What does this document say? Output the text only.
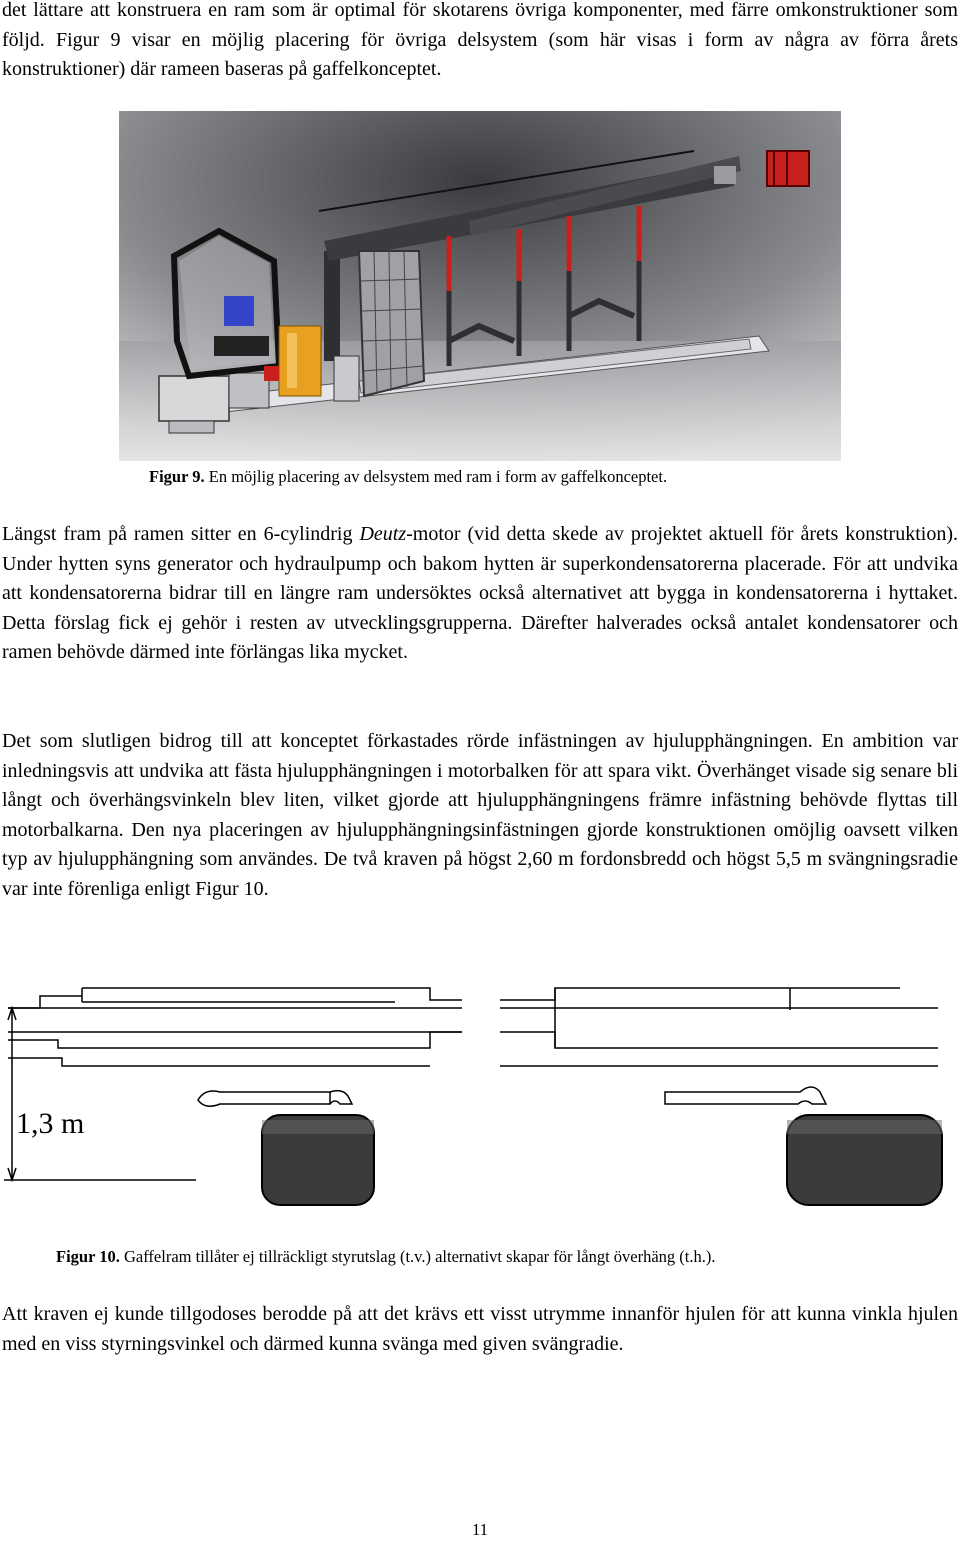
det lättare att konstruera en ram som är optimal för skotarens övriga komponenter, med färre omkonstruktioner som följd. Figur 9 visar en möjlig placering för övriga delsystem (som här visas i form av några av förra årets konstruktioner) där rameen baseras på gaffelkonceptet.

Figur 9. En möjlig placering av delsystem med ram i form av gaffelkonceptet.

Längst fram på ramen sitter en 6-cylindrig Deutz-motor (vid detta skede av projektet aktuell för årets konstruktion). Under hytten syns generator och hydraulpump och bakom hytten är superkondensatorerna placerade. För att undvika att kondensatorerna bidrar till en längre ram undersöktes också alternativet att bygga in kondensatorerna i hyttaket. Detta förslag fick ej gehör i resten av utvecklingsgrupperna. Därefter halverades också antalet kondensatorer och ramen behövde därmed inte förlängas lika mycket.

Det som slutligen bidrog till att konceptet förkastades rörde infästningen av hjulupphängningen. En ambition var inledningsvis att undvika att fästa hjulupphängningen i motorbalken för att spara vikt. Överhänget visade sig senare bli långt och överhängsvinkeln blev liten, vilket gjorde att hjulupphängningens främre infästning behövde flyttas till motorbalkarna. Den nya placeringen av hjulupphängningsinfästningen gjorde konstruktionen omöjlig oavsett vilken typ av hjulupphängning som användes. De två kraven på högst 2,60 m fordonsbredd och högst 5,5 m svängningsradie var inte förenliga enligt Figur 10.

1,3 m
Figur 10. Gaffelram tillåter ej tillräckligt styrutslag (t.v.) alternativt skapar för långt överhäng (t.h.).

Att kraven ej kunde tillgodoses berodde på att det krävs ett visst utrymme innanför hjulen för att kunna vinkla hjulen med en viss styrningsvinkel och därmed kunna svänga med given svängradie.

11
